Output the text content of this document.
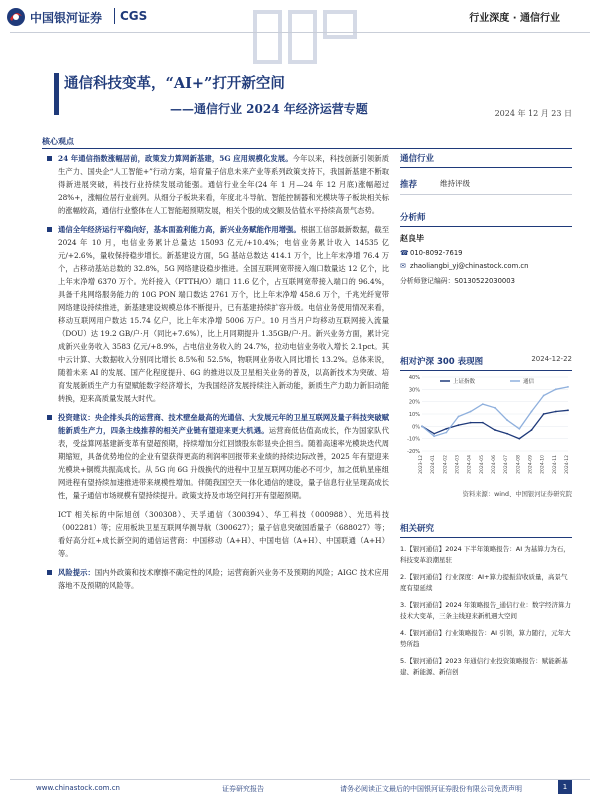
中国银河证券 CGS	行业深度 · 通信行业
通信科技变革，“AI+”打开新空间
——通信行业 2024 年经济运营专题	2024 年 12 月 23 日
核心观点

24 年通信指数涨幅居前，政策发力算网新基建，5G 应用规模化发展。今年以来，科技创新引领新质生产力、国央企“人工智能+”行动方案，培育量子信息未来产业等系列政策支持下，我国新基建不断取得新进展突破，科技行业持续发展动能强。通信行业全年(24 年 1 月—24 年 12 月底)涨幅超过 28%+，涨幅位居行业前列。从细分子板块来看，年度北斗导航、智能控制器和光模块等子板块相关标的涨幅较高，通信行业整体在人工智能超预期发展，相关个股的成交额及估值水平持续高景气态势。

通信全年经济运行平稳向好，基本面盈利能力高，新兴业务赋能作用增强。根据工信部最新数据，截至 2024 年 10 月，电信业务累计总量达 15093 亿元/+10.4%；电信业务累计收入 14535 亿元/+2.6%，量收保持稳步增长。新基建设方面，5G 基站总数达 414.1 万个，比上年末净增 76.4 万个，占移动基站总数的 32.8%，5G 网络建设稳步推进。全国互联网宽带接入端口数量达 12 亿个，比上年末净增 6370 万个。光纤接入（FTTH/O）端口 11.6 亿个，占互联网宽带接入端口的 96.4%，具备千兆网络服务能力的 10G PON 端口数达 2761 万个，比上年末净增 458.6 万个，千兆光纤宽带网络建设持续推进，新基建建设规模总体不断提升，已有基建持续扩容升级。电信业务使用情况来看，移动互联网用户数达 15.74 亿户，比上年末净增 5006 万户。10 月当月户均移动互联网接入流量（DOU）达 19.2 GB/户·月（同比+7.6%），比上月同期提升 1.35GB/户·月。新兴业务方面，累计完成新兴业务收入 3583 亿元/+8.9%，占电信业务收入的 24.7%，拉动电信业务收入增长 2.1pct。其中云计算、大数据收入分别同比增长 8.5%和 52.5%，物联网业务收入同比增长 13.2%。总体来说，随着未来 AI 的发展、国产化程度提升、6G 的推进以及卫星相关业务的普及，以高新技术为突破、培育发展新质生产力有望赋能数字经济增长，为我国经济发展持续注入新动能，新质生产力助力新旧动能转换，迎来高质量发展大时代。

投资建议：央企排头兵的运营商、技术壁垒最高的光通信、大发展元年的卫星互联网及量子科技突破赋能新质生产力，四条主线推荐的相关产业链有望迎来更大机遇。运营商低估值高成长，作为国家队代表，受益算网基建新变革有望超预期，持续增加分红回馈股东彰显央企担当。随着高速率光模块迭代周期缩短，具备优势地位的企业有望获得更高的利润率回报带来业绩的持续边际改善，2025 年有望迎来光模块+铜缆共振高成长。从 5G 向 6G 升级换代的进程中卫星互联网功能必不可少，加之低轨星座组网进程有望持续加速推进带来规模性增加。伴随我国空天一体化通信的建设，量子信息行业呈现高成长性，量子通信市场规模有望持续提升。政策支持及市场空间打开有望超预期。

ICT 相关标的中际旭创（300308）、天孚通信（300394）、华工科技（000988）、光迅科技（002281）等；应用板块卫星互联网华测导航（300627）；量子信息突破国盾量子（688027）等；看好高分红+成长新空间的通信运营商：中国移动（A+H）、中国电信（A+H）、中国联通（A+H）等。

风险提示：国内外政策和技术摩擦不确定性的风险；运营商新兴业务不及预期的风险；AIGC 技术应用落地不及预期的风险等。

通信行业
推荐	维持评级
分析师
赵良毕
☎ 010-8092-7619
✉ zhaoliangbi_yj@chinastock.com.cn
分析师登记编码：S0130522030003
相对沪深 300 表现图	2024-12-22
40%
30%
20%
10%
0%
-10%
-20%
2023-12 2024-01 2024-02 2024-03 2024-04 2024-05 2024-06 2024-07 2024-08 2024-09 2024-10 2024-11 2024-12
上证指数	通信
资料来源：wind、中国银河证券研究院
相关研究
1.【银河通信】2024 下半年策略报告：AI 为基算力为石，科技变革浪潮星驻
2.【银河通信】行业深度：AI+算力提振营收质量，高景气度有望延续
3.【银河通信】2024 年策略报告_通信行业：数字经济算力技术大变革，三条主线迎来新机遇大空间
4.【银河通信】行业策略报告：AI 引领，算力随行，元年大势所趋
5.【银河通信】2023 年通信行业投资策略报告：赋能新基建、新能源、新信创
www.chinastock.com.cn	证券研究报告	请务必阅读正文最后的中国银河证券股份有限公司免责声明	1
